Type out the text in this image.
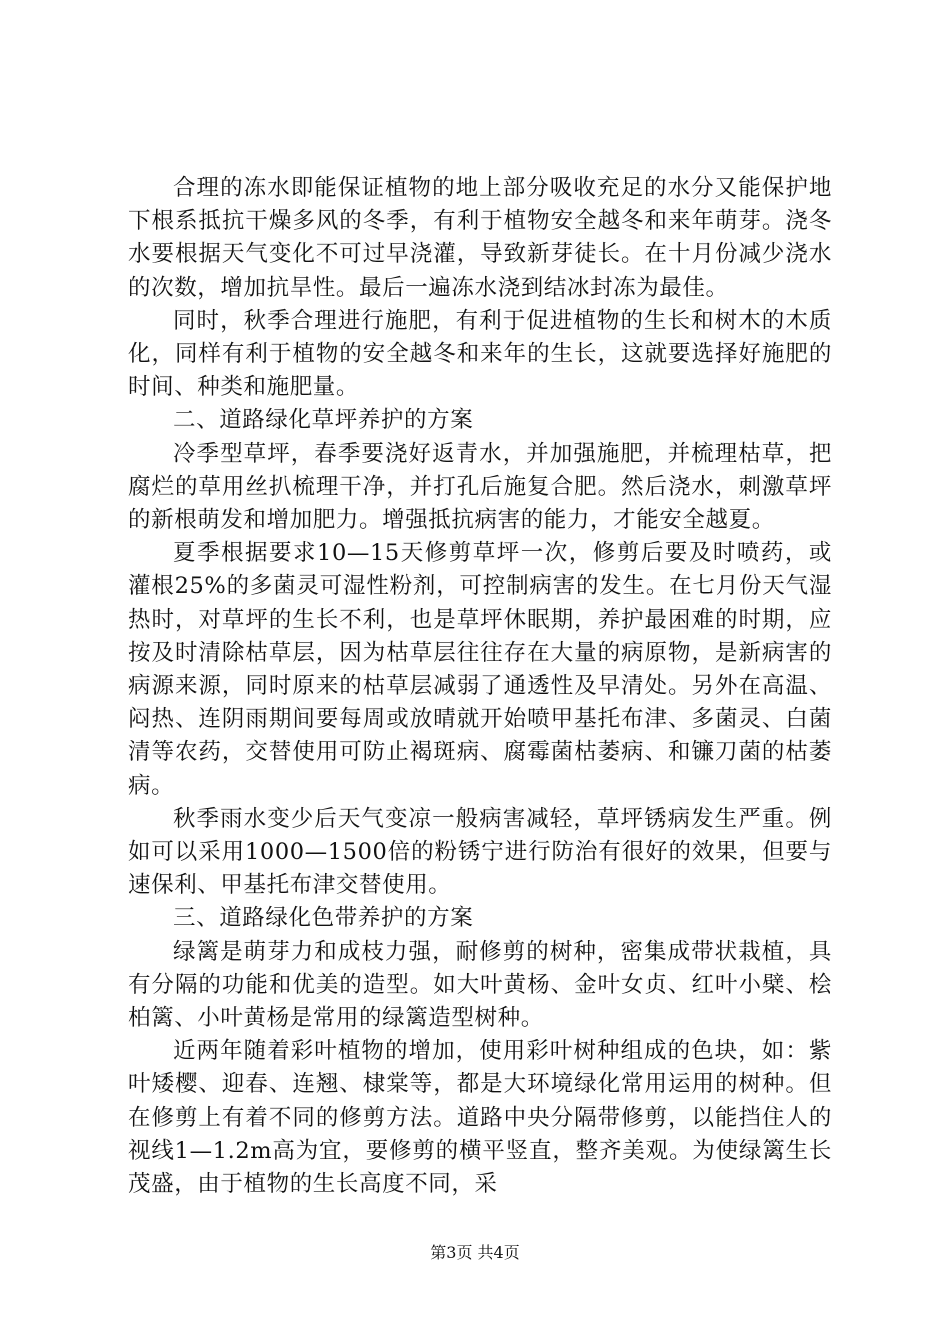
合理的冻水即能保证植物的地上部分吸收充足的水分又能保护地下根系抵抗干燥多风的冬季，有利于植物安全越冬和来年萌芽。浇冬水要根据天气变化不可过早浇灌，导致新芽徒长。在十月份减少浇水的次数，增加抗旱性。最后一遍冻水浇到结冰封冻为最佳。

同时，秋季合理进行施肥，有利于促进植物的生长和树木的木质化，同样有利于植物的安全越冬和来年的生长，这就要选择好施肥的时间、种类和施肥量。

二、道路绿化草坪养护的方案

冷季型草坪，春季要浇好返青水，并加强施肥，并梳理枯草，把腐烂的草用丝扒梳理干净，并打孔后施复合肥。然后浇水，刺激草坪的新根萌发和增加肥力。增强抵抗病害的能力，才能安全越夏。

夏季根据要求10—15天修剪草坪一次，修剪后要及时喷药，或灌根25%的多菌灵可湿性粉剂，可控制病害的发生。在七月份天气湿热时，对草坪的生长不利，也是草坪休眠期，养护最困难的时期，应按及时清除枯草层，因为枯草层往往存在大量的病原物，是新病害的病源来源，同时原来的枯草层减弱了通透性及早清处。另外在高温、闷热、连阴雨期间要每周或放晴就开始喷甲基托布津、多菌灵、白菌清等农药，交替使用可防止褐斑病、腐霉菌枯萎病、和镰刀菌的枯萎病。

秋季雨水变少后天气变凉一般病害减轻，草坪锈病发生严重。例如可以采用1000—1500倍的粉锈宁进行防治有很好的效果，但要与速保利、甲基托布津交替使用。

三、道路绿化色带养护的方案

绿篱是萌芽力和成枝力强，耐修剪的树种，密集成带状栽植，具有分隔的功能和优美的造型。如大叶黄杨、金叶女贞、红叶小檗、桧柏篱、小叶黄杨是常用的绿篱造型树种。

近两年随着彩叶植物的增加，使用彩叶树种组成的色块，如：紫叶矮樱、迎春、连翘、棣棠等，都是大环境绿化常用运用的树种。但在修剪上有着不同的修剪方法。道路中央分隔带修剪，以能挡住人的视线1—1.2m高为宜，要修剪的横平竖直，整齐美观。为使绿篱生长茂盛，由于植物的生长高度不同，采

第3页 共4页
